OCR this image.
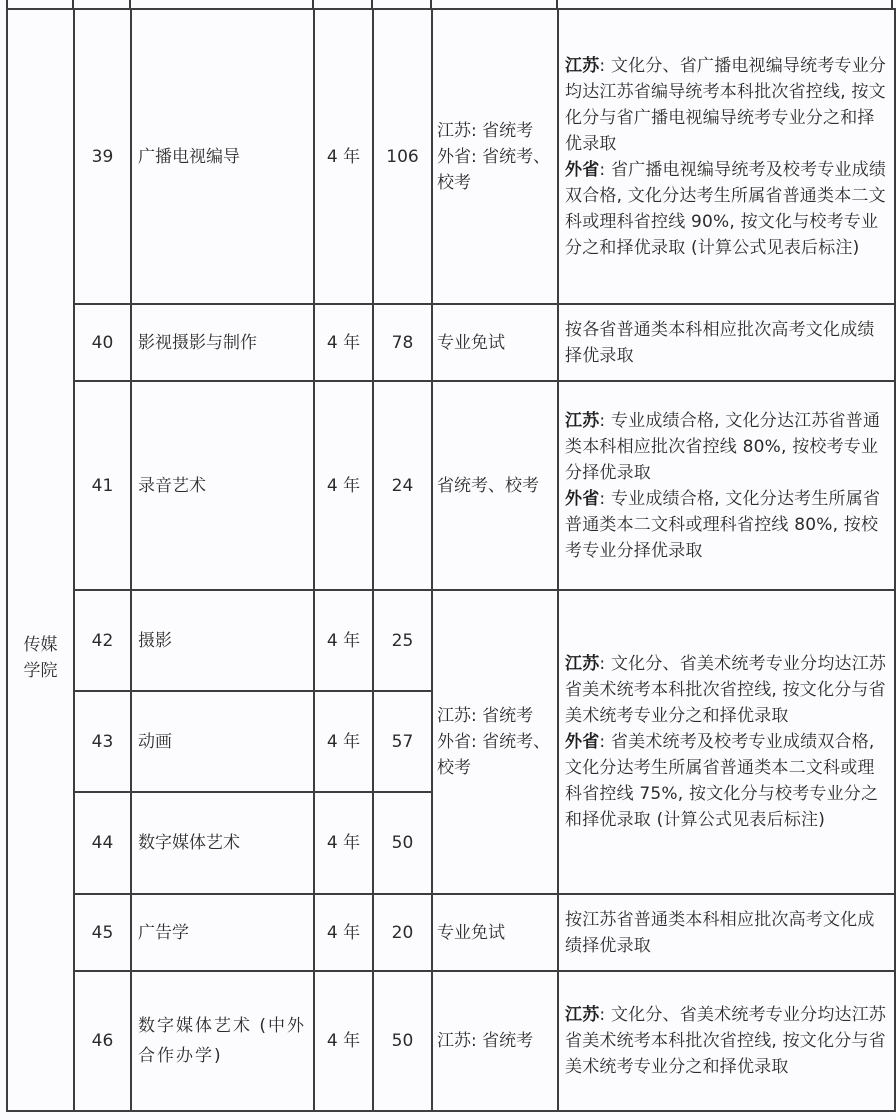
传媒
学院	39	广播电视编导	4 年	106	江苏: 省统考 外省: 省统考、 校考	江苏: 文化分、省广播电视编导统考专业分均达江苏省编导统考本科批次省控线, 按文化分与省广播电视编导统考专业分之和择优录取
外省: 省广播电视编导统考及校考专业成绩双合格, 文化分达考生所属省普通类本二文科或理科省控线 90%, 按文化与校考专业分之和择优录取 (计算公式见表后标注)
	40	影视摄影与制作	4 年	78	专业免试	按各省普通类本科相应批次高考文化成绩择优录取
	41	录音艺术	4 年	24	省统考、校考	江苏: 专业成绩合格, 文化分达江苏省普通类本科相应批次省控线 80%, 按校考专业分择优录取
外省: 专业成绩合格, 文化分达考生所属省普通类本二文科或理科省控线 80%, 按校考专业分择优录取
	42	摄影	4 年	25	江苏: 省统考 外省: 省统考、 校考	江苏: 文化分、省美术统考专业分均达江苏省美术统考本科批次省控线, 按文化分与省美术统考专业分之和择优录取
外省: 省美术统考及校考专业成绩双合格, 文化分达考生所属省普通类本二文科或理科省控线 75%, 按文化分与校考专业分之和择优录取 (计算公式见表后标注)
	43	动画	4 年	57		
	44	数字媒体艺术	4 年	50		
	45	广告学	4 年	20	专业免试	按江苏省普通类本科相应批次高考文化成绩择优录取
	46	数字媒体艺术 (中外合作办学)	4 年	50	江苏: 省统考	江苏: 文化分、省美术统考专业分均达江苏省美术统考本科批次省控线, 按文化分与省美术统考专业分之和择优录取
